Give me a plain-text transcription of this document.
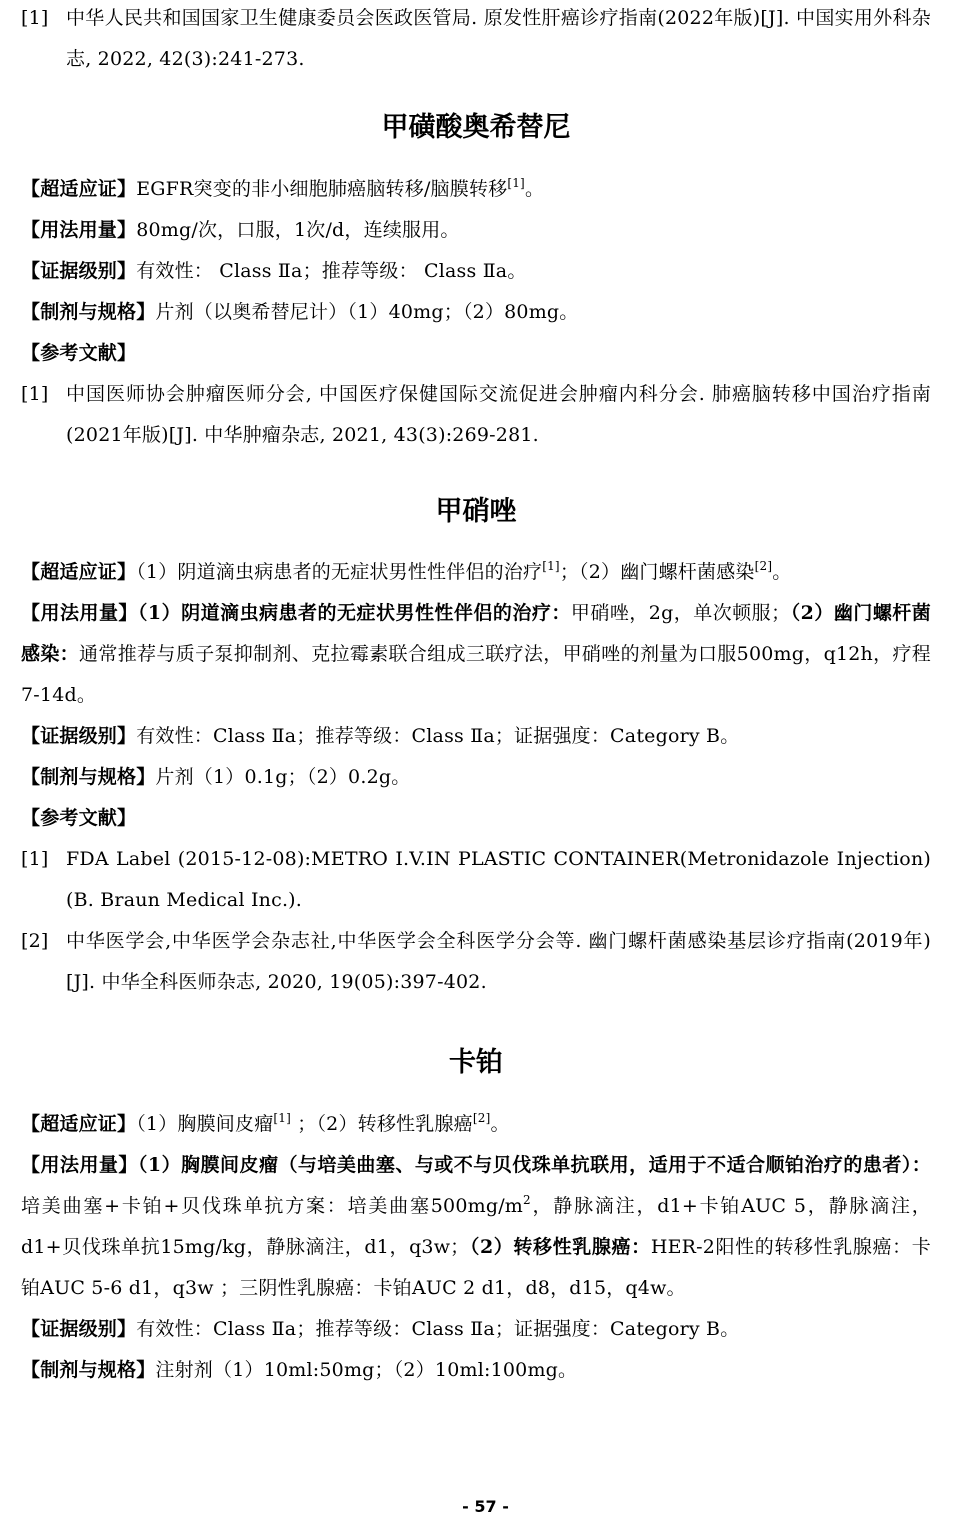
[1] 中华人民共和国国家卫生健康委员会医政医管局. 原发性肝癌诊疗指南(2022年版)[J]. 中国实用外科杂志, 2022, 42(3):241-273.
甲磺酸奥希替尼

【超适应证】EGFR突变的非小细胞肺癌脑转移/脑膜转移[1]。

【用法用量】80mg/次，口服，1次/d，连续服用。

【证据级别】有效性： Class Ⅱa；推荐等级： Class Ⅱa。

【制剂与规格】片剂（以奥希替尼计）（1）40mg；（2）80mg。

【参考文献】

[1] 中国医师协会肿瘤医师分会, 中国医疗保健国际交流促进会肿瘤内科分会. 肺癌脑转移中国治疗指南(2021年版)[J]. 中华肿瘤杂志, 2021, 43(3):269-281.
甲硝唑

【超适应证】（1）阴道滴虫病患者的无症状男性性伴侣的治疗[1]；（2）幽门螺杆菌感染[2]。

【用法用量】（1）阴道滴虫病患者的无症状男性性伴侣的治疗：甲硝唑，2g，单次顿服；（2）幽门螺杆菌感染：通常推荐与质子泵抑制剂、克拉霉素联合组成三联疗法，甲硝唑的剂量为口服500mg，q12h，疗程7-14d。

【证据级别】有效性：Class Ⅱa；推荐等级：Class Ⅱa；证据强度：Category B。

【制剂与规格】片剂（1）0.1g；（2）0.2g。

【参考文献】

[1] FDA Label (2015-12-08):METRO I.V.IN PLASTIC CONTAINER(Metronidazole Injection) (B. Braun Medical Inc.).
[2] 中华医学会,中华医学会杂志社,中华医学会全科医学分会等. 幽门螺杆菌感染基层诊疗指南(2019年)[J]. 中华全科医师杂志, 2020, 19(05):397-402.
卡铂

【超适应证】（1）胸膜间皮瘤[1] ；（2）转移性乳腺癌[2]。

【用法用量】（1）胸膜间皮瘤（与培美曲塞、与或不与贝伐珠单抗联用，适用于不适合顺铂治疗的患者）：培美曲塞+卡铂+贝伐珠单抗方案：培美曲塞$500mg/m^2$，静脉滴注，d1+卡铂AUC 5，静脉滴注，d1+贝伐珠单抗15mg/kg，静脉滴注，d1，q3w；（2）转移性乳腺癌：HER-2阳性的转移性乳腺癌：卡铂AUC 5-6 d1，q3w ；三阴性乳腺癌：卡铂AUC 2 d1，d8，d15，q4w。

【证据级别】有效性：Class Ⅱa；推荐等级：Class Ⅱa；证据强度：Category B。

【制剂与规格】注射剂（1）10ml:50mg；（2）10ml:100mg。

- 57 -
